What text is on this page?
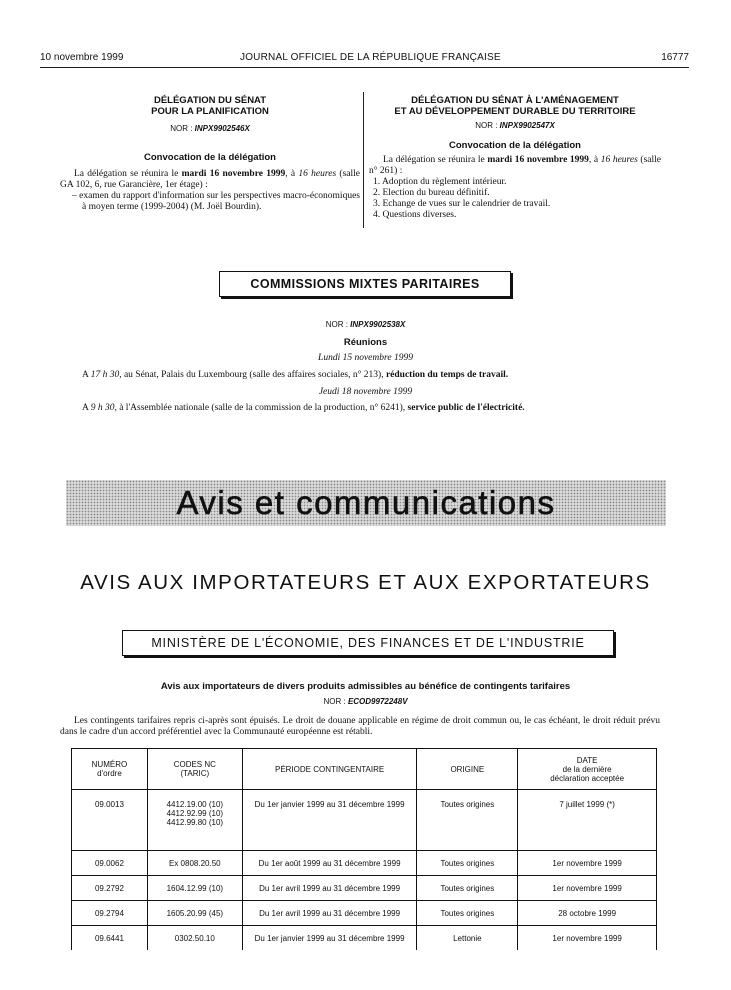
10 novembre 1999	JOURNAL OFFICIEL DE LA RÉPUBLIQUE FRANÇAISE	16777

DÉLÉGATION DU SÉNAT

POUR LA PLANIFICATION

NOR : INPX9902546X

Convocation de la délégation

La délégation se réunira le mardi 16 novembre 1999, à 16 heures (salle GA 102, 6, rue Garancière, 1er étage) :

– examen du rapport d'information sur les perspectives macro-économiques à moyen terme (1999-2004) (M. Joël Bourdin).

DÉLÉGATION DU SÉNAT À L'AMÉNAGEMENT

ET AU DÉVELOPPEMENT DURABLE DU TERRITOIRE

NOR : INPX9902547X

Convocation de la délégation

La délégation se réunira le mardi 16 novembre 1999, à 16 heures (salle n° 261) :

1. Adoption du règlement intérieur.
2. Election du bureau définitif.
3. Echange de vues sur le calendrier de travail.
4. Questions diverses.
COMMISSIONS MIXTES PARITAIRES
NOR : INPX9902538X
Réunions
Lundi 15 novembre 1999
A 17 h 30, au Sénat, Palais du Luxembourg (salle des affaires sociales, n° 213), réduction du temps de travail.
Jeudi 18 novembre 1999
A 9 h 30, à l'Assemblée nationale (salle de la commission de la production, n° 6241), service public de l'électricité.
Avis et communications
AVIS AUX IMPORTATEURS ET AUX EXPORTATEURS
MINISTÈRE DE L'ÉCONOMIE, DES FINANCES ET DE L'INDUSTRIE
Avis aux importateurs de divers produits admissibles au bénéfice de contingents tarifaires
NOR : ECOD9972248V

Les contingents tarifaires repris ci-après sont épuisés. Le droit de douane applicable en régime de droit commun ou, le cas échéant, le droit réduit prévu dans le cadre d'un accord préférentiel avec la Communauté européenne est rétabli.

NUMÉRO
d'ordre	CODES NC
(TARIC)	PÉRIODE CONTINGENTAIRE	ORIGINE	DATE
de la dernière
déclaration acceptée
09.0013	4412.19.00 (10)
4412.92.99 (10)
4412.99.80 (10)	Du 1er janvier 1999 au 31 décembre 1999	Toutes origines	7 juillet 1999 (*)
09.0062	Ex 0808.20.50	Du 1er août 1999 au 31 décembre 1999	Toutes origines	1er novembre 1999
09.2792	1604.12.99 (10)	Du 1er avril 1999 au 31 décembre 1999	Toutes origines	1er novembre 1999
09.2794	1605.20.99 (45)	Du 1er avril 1999 au 31 décembre 1999	Toutes origines	28 octobre 1999
09.6441	0302.50.10	Du 1er janvier 1999 au 31 décembre 1999	Lettonie	1er novembre 1999
